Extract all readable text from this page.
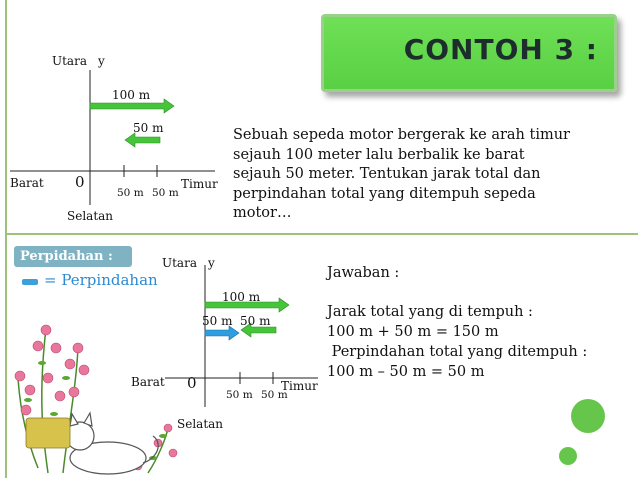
CONTOH 3 :
Utara y
100 m
50 m
Barat 0	Timur
50 m 50 m
Selatan
Sebuah sepeda motor bergerak ke arah timur
sejauh 100 meter lalu berbalik ke barat
sejauh 50 meter. Tentukan jarak total dan
perpindahan total yang ditempuh sepeda
motor…
Perpidahan :
= Perpindahan
Utara y
100 m
50 m 50 m
Barat 0	Timur
50 m 50 m
Selatan
Jawaban :
Jarak total yang di tempuh :
100 m + 50 m = 150 m
Perpindahan total yang ditempuh :
100 m – 50 m = 50 m
